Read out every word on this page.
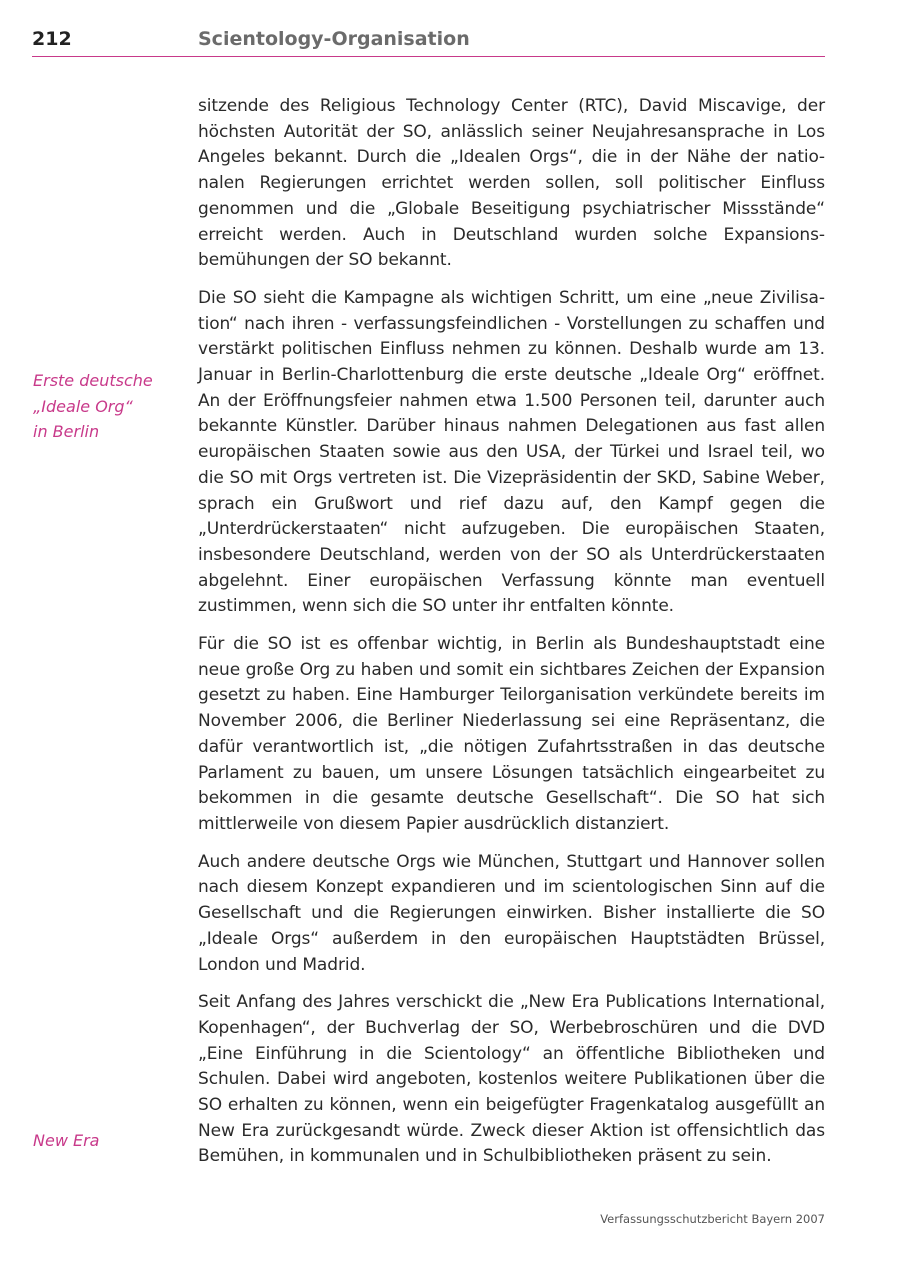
212	Scientology-Organisation
Erste deutsche
„Ideale Org“
in Berlin
New Era

sitzende des Religious Technology Center (RTC), David Miscavige, der höchsten Autorität der SO, anlässlich seiner Neujahresansprache in Los Angeles bekannt. Durch die „Idealen Orgs“, die in der Nähe der nationalen Regierungen errichtet werden sollen, soll politischer Einfluss genommen und die „Globale Beseitigung psychiatrischer Missstände“ erreicht werden. Auch in Deutschland wurden solche Expansionsbemühungen der SO bekannt.

Die SO sieht die Kampagne als wichtigen Schritt, um eine „neue Zivilisation“ nach ihren - verfassungsfeindlichen - Vorstellungen zu schaffen und verstärkt politischen Einfluss nehmen zu können. Deshalb wurde am 13. Januar in Berlin-Charlottenburg die erste deutsche „Ideale Org“ eröffnet. An der Eröffnungsfeier nahmen etwa 1.500 Personen teil, darunter auch bekannte Künstler. Darüber hinaus nahmen Delegationen aus fast allen europäischen Staaten sowie aus den USA, der Türkei und Israel teil, wo die SO mit Orgs vertreten ist. Die Vizepräsidentin der SKD, Sabine Weber, sprach ein Grußwort und rief dazu auf, den Kampf gegen die „Unterdrückerstaaten“ nicht aufzugeben. Die europäischen Staaten, insbesondere Deutschland, werden von der SO als Unterdrückerstaaten abgelehnt. Einer europäischen Verfassung könnte man eventuell zustimmen, wenn sich die SO unter ihr entfalten könnte.

Für die SO ist es offenbar wichtig, in Berlin als Bundeshauptstadt eine neue große Org zu haben und somit ein sichtbares Zeichen der Expansion gesetzt zu haben. Eine Hamburger Teilorganisation verkündete bereits im November 2006, die Berliner Niederlassung sei eine Repräsentanz, die dafür verantwortlich ist, „die nötigen Zufahrtsstraßen in das deutsche Parlament zu bauen, um unsere Lösungen tatsächlich eingearbeitet zu bekommen in die gesamte deutsche Gesellschaft“. Die SO hat sich mittlerweile von diesem Papier ausdrücklich distanziert.

Auch andere deutsche Orgs wie München, Stuttgart und Hannover sollen nach diesem Konzept expandieren und im scientologischen Sinn auf die Gesellschaft und die Regierungen einwirken. Bisher installierte die SO „Ideale Orgs“ außerdem in den europäischen Hauptstädten Brüssel, London und Madrid.

Seit Anfang des Jahres verschickt die „New Era Publications International, Kopenhagen“, der Buchverlag der SO, Werbebroschüren und die DVD „Eine Einführung in die Scientology“ an öffentliche Bibliotheken und Schulen. Dabei wird angeboten, kostenlos weitere Publikationen über die SO erhalten zu können, wenn ein beigefügter Fragenkatalog ausgefüllt an New Era zurückgesandt würde. Zweck dieser Aktion ist offensichtlich das Bemühen, in kommunalen und in Schulbibliotheken präsent zu sein.

Verfassungsschutzbericht Bayern 2007
